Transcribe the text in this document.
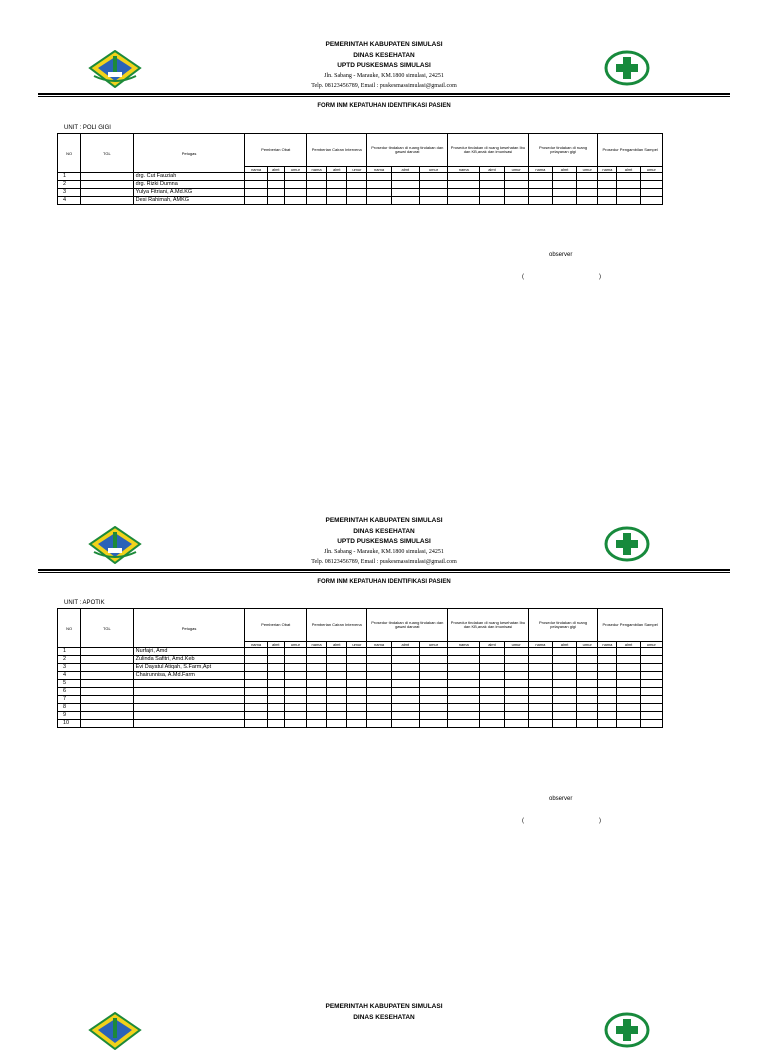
PEMERINTAH KABUPATEN SIMULASI
DINAS KESEHATAN
UPTD PUSKESMAS SIMULASI
Jln. Sabang - Marauke, KM.1800 simulasi, 24251
Telp. 08123456789, Email : puskesmassimulasi@gmail.com
FORM INM KEPATUHAN IDENTIFIKASI PASIEN
UNIT : POLI GIGI
NO	TGL	Petugas	Pemberian Obat			Pemberian Cairan Intervena			Prosedur tindakan di ruang tindakan dan gawat darurat			Prosedur tindakan di ruang kesehatan Ibu dan KB,anak dan imunisasi			Prosedur tindakan di ruang pelayanan gigi			Prosedur Pengambilan Sampel		
			nama	almt	umur	nama	almt	umur	nama	almt	umur	nama	almt	umur	nama	almt	umur	nama	almt	umur
1		drg. Cut Fauziah																		
2		drg. Rizki Dumna																		
3		Yulya Fitriani, A.Md.KG																		
4		Desi Rahimah, AMKG																		
observer
(	)
PEMERINTAH KABUPATEN SIMULASI
DINAS KESEHATAN
UPTD PUSKESMAS SIMULASI
Jln. Sabang - Marauke, KM.1800 simulasi, 24251
Telp. 08123456789, Email : puskesmassimulasi@gmail.com
FORM INM KEPATUHAN IDENTIFIKASI PASIEN
UNIT : APOTIK
NO	TGL	Petugas	Pemberian Obat			Pemberian Cairan Intervena			Prosedur tindakan di ruang tindakan dan gawat darurat			Prosedur tindakan di ruang kesehatan Ibu dan KB,anak dan imunisasi			Prosedur tindakan di ruang pelayanan gigi			Prosedur Pengambilan Sampel		
			nama	almt	umur	nama	almt	umur	nama	almt	umur	nama	almt	umur	nama	almt	umur	nama	almt	umur
1		Nurfajri, Amd																		
2		Zulinda Safitri, Amd.Keb																		
3		Evi Dayatul Atiqah, S.Farm,Apt																		
4		Chairunnisa, A.Md.Farm																		
5																				
6																				
7																				
8																				
9																				
10																				
observer
(	)
PEMERINTAH KABUPATEN SIMULASI
DINAS KESEHATAN
